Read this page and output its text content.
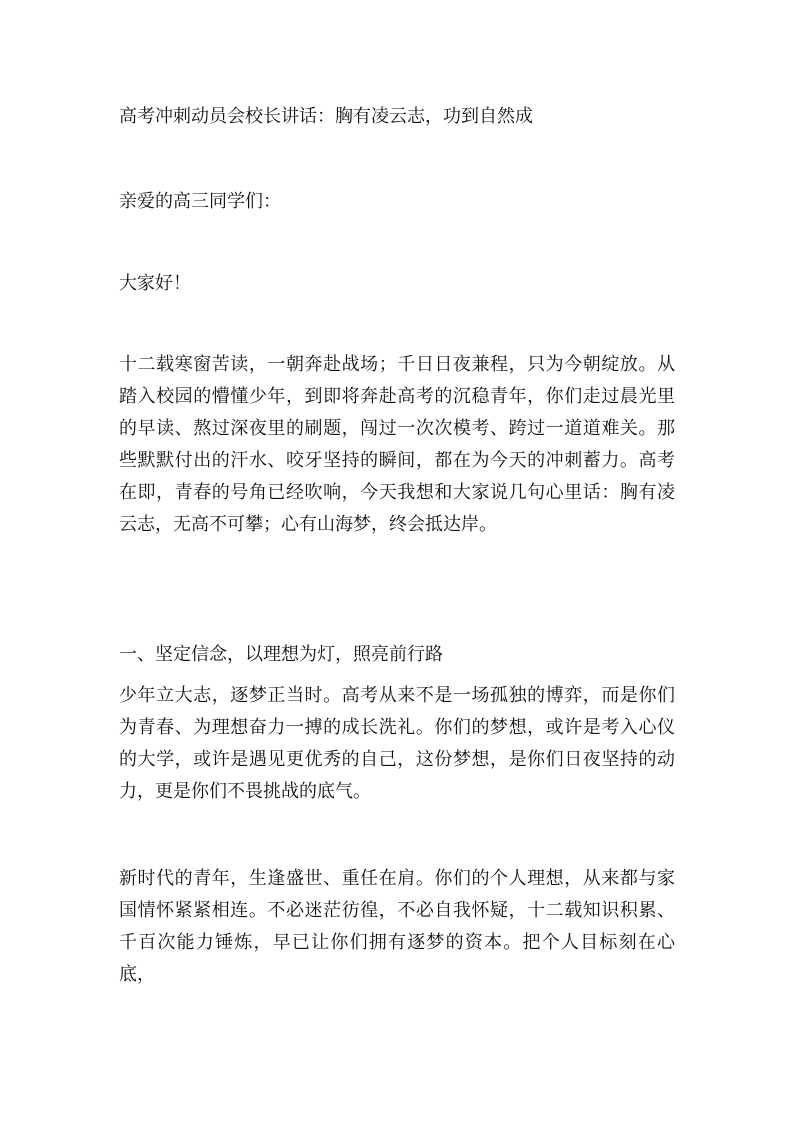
高考冲刺动员会校长讲话：胸有凌云志，功到自然成
亲爱的高三同学们：
大家好！

十二载寒窗苦读，一朝奔赴战场；千日日夜兼程，只为今朝绽放。从踏入校园的懵懂少年，到即将奔赴高考的沉稳青年，你们走过晨光里的早读、熬过深夜里的刷题，闯过一次次模考、跨过一道道难关。那些默默付出的汗水、咬牙坚持的瞬间，都在为今天的冲刺蓄力。高考在即，青春的号角已经吹响，今天我想和大家说几句心里话：胸有凌云志，无高不可攀；心有山海梦，终会抵达岸。

一、坚定信念，以理想为灯，照亮前行路

少年立大志，逐梦正当时。高考从来不是一场孤独的博弈，而是你们为青春、为理想奋力一搏的成长洗礼。你们的梦想，或许是考入心仪的大学，或许是遇见更优秀的自己，这份梦想，是你们日夜坚持的动力，更是你们不畏挑战的底气。

新时代的青年，生逢盛世、重任在肩。你们的个人理想，从来都与家国情怀紧紧相连。不必迷茫彷徨，不必自我怀疑，十二载知识积累、千百次能力锤炼，早已让你们拥有逐梦的资本。把个人目标刻在心底，
